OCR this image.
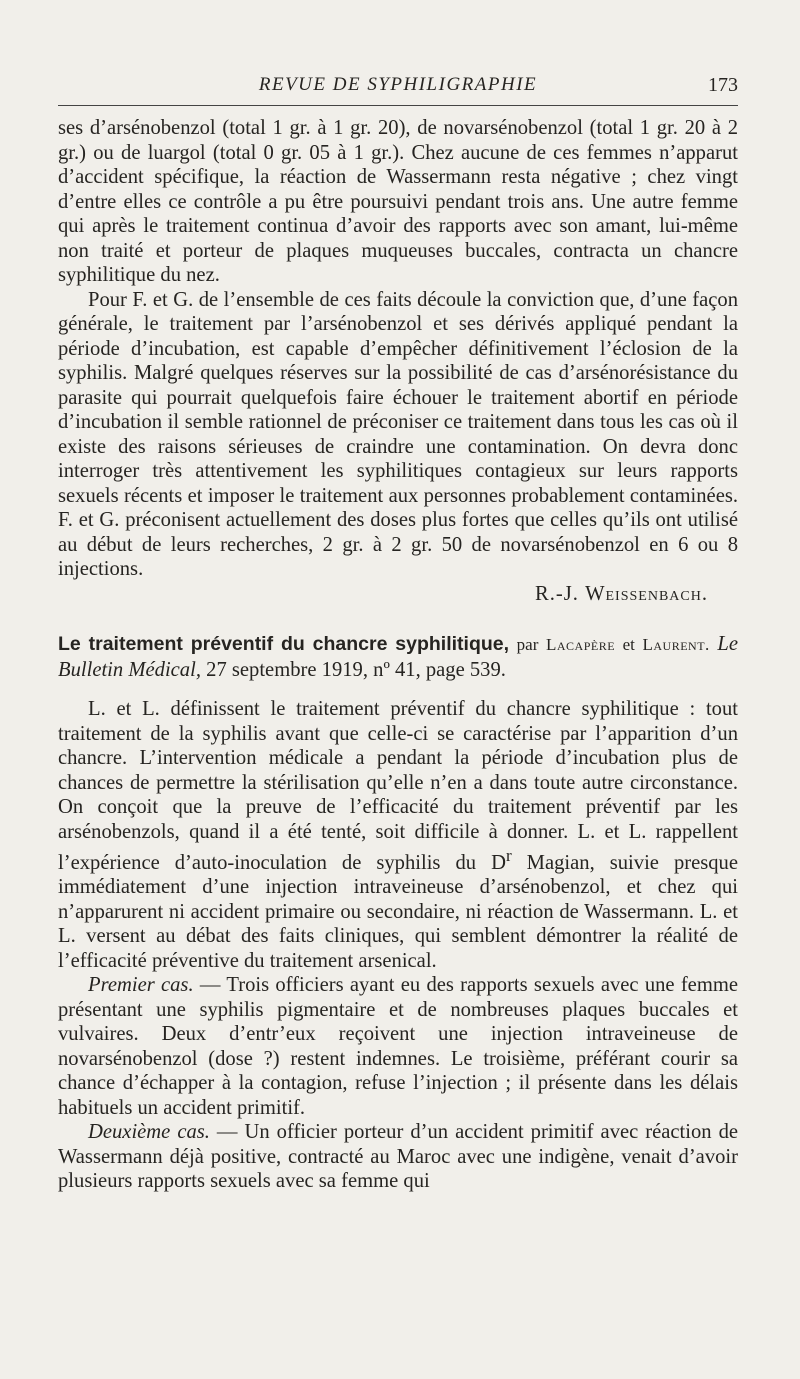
REVUE DE SYPHILIGRAPHIE	173

ses d’arsénobenzol (total 1 gr. à 1 gr. 20), de novarsénobenzol (total 1 gr. 20 à 2 gr.) ou de luargol (total 0 gr. 05 à 1 gr.). Chez aucune de ces femmes n’apparut d’accident spécifique, la réaction de Wassermann resta négative ; chez vingt d’entre elles ce contrôle a pu être poursuivi pendant trois ans. Une autre femme qui après le traitement continua d’avoir des rapports avec son amant, lui-même non traité et porteur de plaques muqueuses buccales, contracta un chancre syphilitique du nez.

Pour F. et G. de l’ensemble de ces faits découle la conviction que, d’une façon générale, le traitement par l’arsénobenzol et ses dérivés appliqué pendant la période d’incubation, est capable d’empêcher définitivement l’éclosion de la syphilis. Malgré quelques réserves sur la possibilité de cas d’arsénorésistance du parasite qui pourrait quelquefois faire échouer le traitement abortif en période d’incubation il semble rationnel de préconiser ce traitement dans tous les cas où il existe des raisons sérieuses de craindre une contamination. On devra donc interroger très attentivement les syphilitiques contagieux sur leurs rapports sexuels récents et imposer le traitement aux personnes probablement contaminées. F. et G. préconisent actuellement des doses plus fortes que celles qu’ils ont utilisé au début de leurs recherches, 2 gr. à 2 gr. 50 de novarsénobenzol en 6 ou 8 injections.

R.-J. Weissenbach.

Le traitement préventif du chancre syphilitique, par Lacapère et Laurent. Le Bulletin Médical, 27 septembre 1919, nº 41, page 539.

L. et L. définissent le traitement préventif du chancre syphilitique : tout traitement de la syphilis avant que celle-ci se caractérise par l’apparition d’un chancre. L’intervention médicale a pendant la période d’incubation plus de chances de permettre la stérilisation qu’elle n’en a dans toute autre circonstance. On conçoit que la preuve de l’efficacité du traitement préventif par les arsénobenzols, quand il a été tenté, soit difficile à donner. L. et L. rappellent l’expérience d’auto-inoculation de syphilis du $D^r$ Magian, suivie presque immédiatement d’une injection intraveineuse d’arsénobenzol, et chez qui n’apparurent ni accident primaire ou secondaire, ni réaction de Wassermann. L. et L. versent au débat des faits cliniques, qui semblent démontrer la réalité de l’efficacité préventive du traitement arsenical.

Premier cas. — Trois officiers ayant eu des rapports sexuels avec une femme présentant une syphilis pigmentaire et de nombreuses plaques buccales et vulvaires. Deux d’entr’eux reçoivent une injection intraveineuse de novarsénobenzol (dose ?) restent indemnes. Le troisième, préférant courir sa chance d’échapper à la contagion, refuse l’injection ; il présente dans les délais habituels un accident primitif.

Deuxième cas. — Un officier porteur d’un accident primitif avec réaction de Wassermann déjà positive, contracté au Maroc avec une indigène, venait d’avoir plusieurs rapports sexuels avec sa femme qui
